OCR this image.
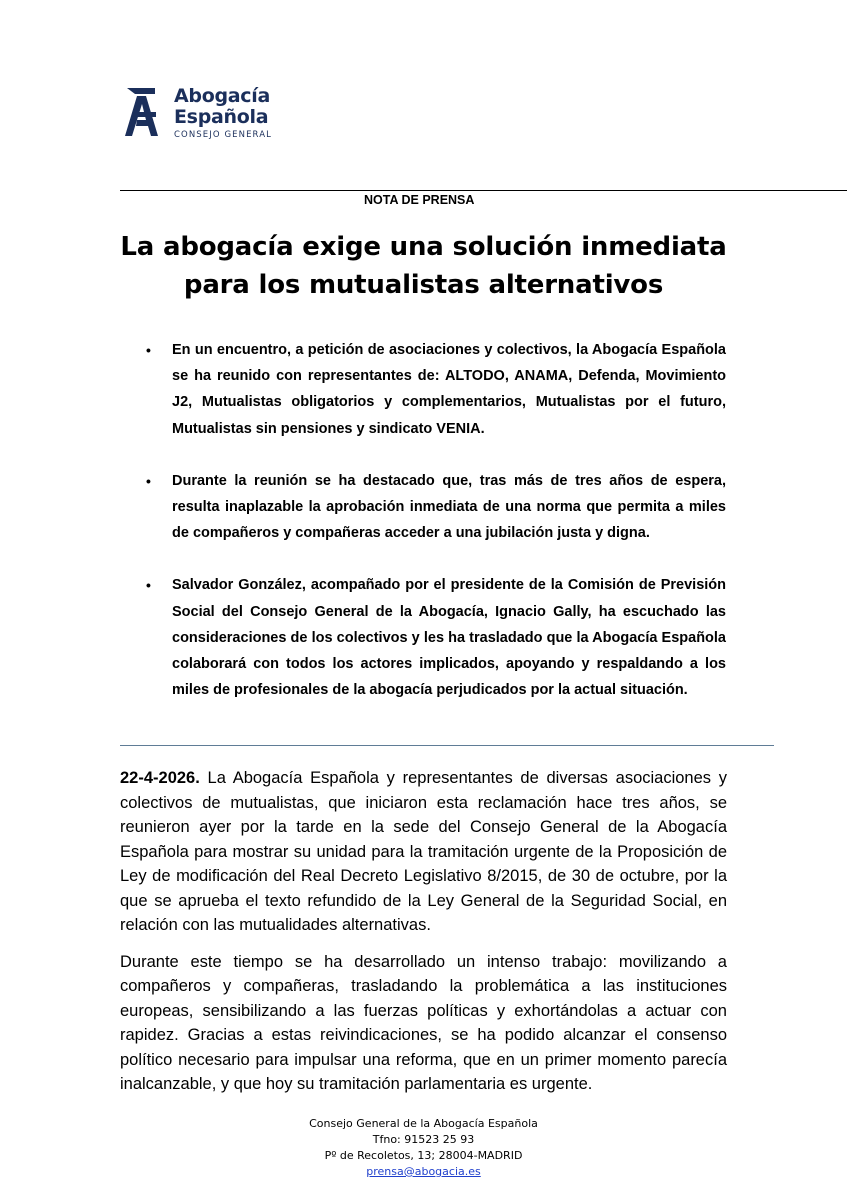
Abogacía
Española
CONSEJO GENERAL
NOTA DE PRENSA
La abogacía exige una solución inmediata
para los mutualistas alternativos
• En un encuentro, a petición de asociaciones y colectivos, la Abogacía Española se ha reunido con representantes de: ALTODO, ANAMA, Defenda, Movimiento J2, Mutualistas obligatorios y complementarios, Mutualistas por el futuro, Mutualistas sin pensiones y sindicato VENIA.
• Durante la reunión se ha destacado que, tras más de tres años de espera, resulta inaplazable la aprobación inmediata de una norma que permita a miles de compañeros y compañeras acceder a una jubilación justa y digna.
• Salvador González, acompañado por el presidente de la Comisión de Previsión Social del Consejo General de la Abogacía, Ignacio Gally, ha escuchado las consideraciones de los colectivos y les ha trasladado que la Abogacía Española colaborará con todos los actores implicados, apoyando y respaldando a los miles de profesionales de la abogacía perjudicados por la actual situación.

22-4-2026. La Abogacía Española y representantes de diversas asociaciones y colectivos de mutualistas, que iniciaron esta reclamación hace tres años, se reunieron ayer por la tarde en la sede del Consejo General de la Abogacía Española para mostrar su unidad para la tramitación urgente de la Proposición de Ley de modificación del Real Decreto Legislativo 8/2015, de 30 de octubre, por la que se aprueba el texto refundido de la Ley General de la Seguridad Social, en relación con las mutualidades alternativas.

Durante este tiempo se ha desarrollado un intenso trabajo: movilizando a compañeros y compañeras, trasladando la problemática a las instituciones europeas, sensibilizando a las fuerzas políticas y exhortándolas a actuar con rapidez. Gracias a estas reivindicaciones, se ha podido alcanzar el consenso político necesario para impulsar una reforma, que en un primer momento parecía inalcanzable, y que hoy su tramitación parlamentaria es urgente.

Consejo General de la Abogacía Española
Tfno: 91523 25 93
Pº de Recoletos, 13; 28004-MADRID
prensa@abogacia.es
